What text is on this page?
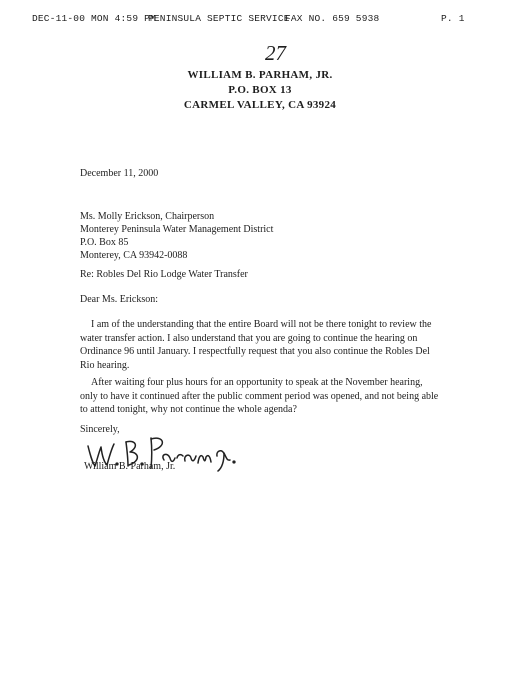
DEC-11-00 MON 4:59 PM
PENINSULA SEPTIC SERVICE
FAX NO. 659 5938	P. 1
27
WILLIAM B. PARHAM, JR.
P.O. BOX 13
CARMEL VALLEY, CA 93924
December 11, 2000
Ms. Molly Erickson, Chairperson
Monterey Peninsula Water Management District
P.O. Box 85
Monterey, CA 93942-0088
Re: Robles Del Rio Lodge Water Transfer
Dear Ms. Erickson:
I am of the understanding that the entire Board will not be there tonight to review the
water transfer action. I also understand that you are going to continue the hearing on
Ordinance 96 until January. I respectfully request that you also continue the Robles Del
Rio hearing.
After waiting four plus hours for an opportunity to speak at the November hearing,
only to have it continued after the public comment period was opened, and not being able
to attend tonight, why not continue the whole agenda?
Sincerely,
William B. Parham, Jr.
